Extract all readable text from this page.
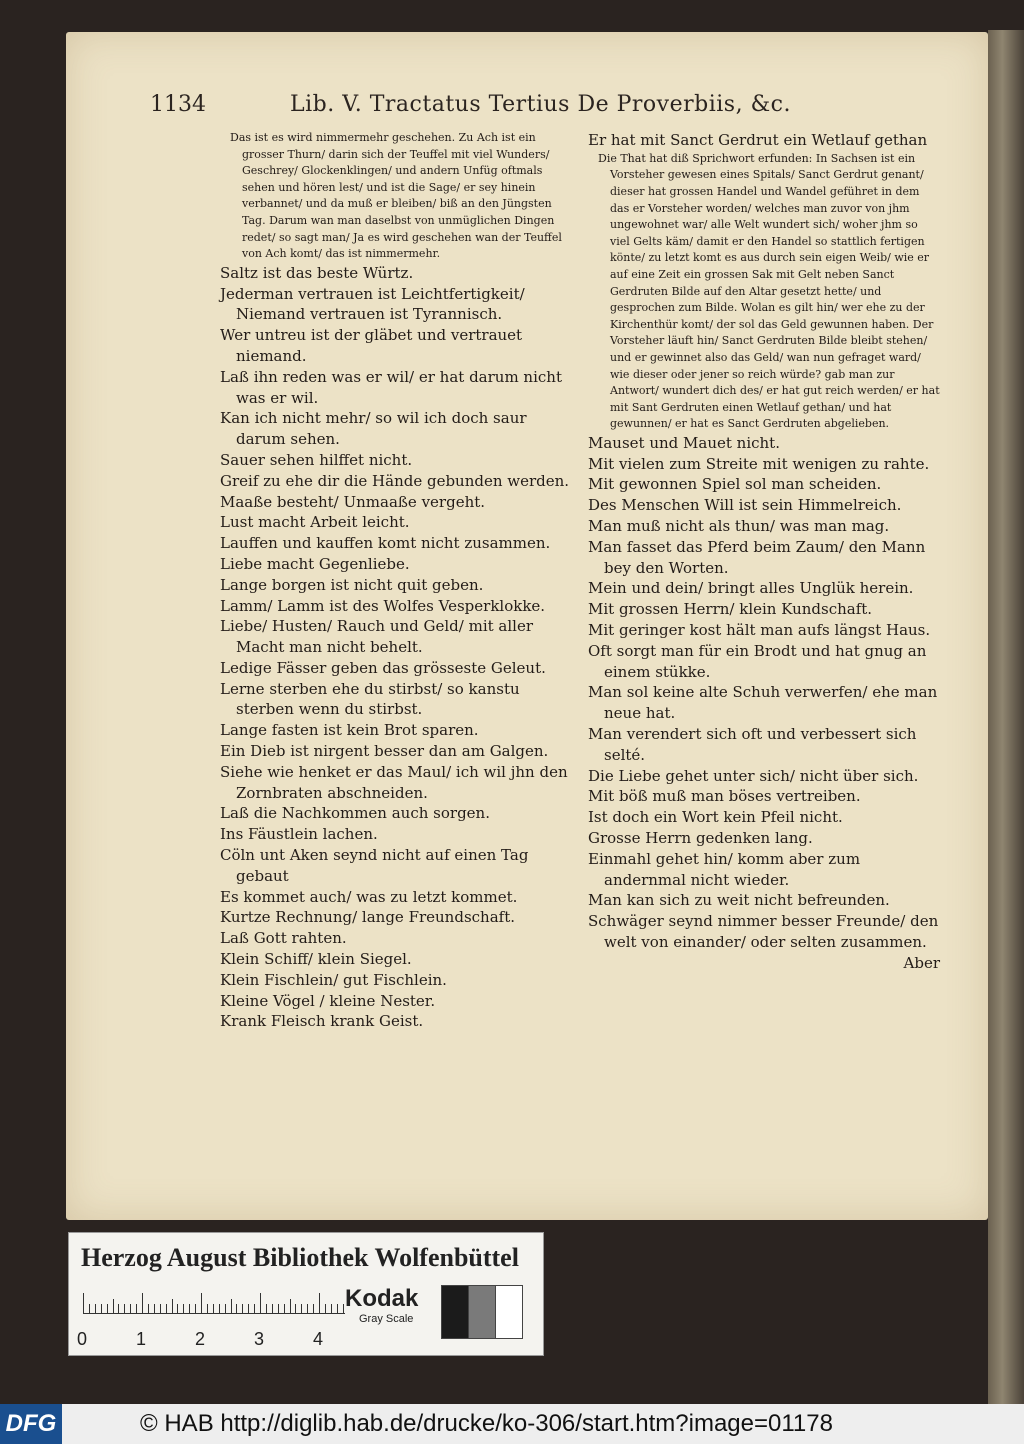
1134	Lib. V. Tractatus Tertius De Proverbiis, &c.

Das ist es wird nimmermehr geschehen. Zu Ach ist ein grosser Thurn/ darin sich der Teuffel mit viel Wunders/ Geschrey/ Glockenklingen/ und andern Unfüg oftmals sehen und hören lest/ und ist die Sage/ er sey hinein verbannet/ und da muß er bleiben/ biß an den Jüngsten Tag. Darum wan man daselbst von unmüglichen Dingen redet/ so sagt man/ Ja es wird geschehen wan der Teuffel von Ach komt/ das ist nimmermehr.

Saltz ist das beste Würtz.

Jederman vertrauen ist Leichtfertigkeit/ Niemand vertrauen ist Tyrannisch.

Wer untreu ist der gläbet und vertrauet niemand.

Laß ihn reden was er wil/ er hat darum nicht was er wil.

Kan ich nicht mehr/ so wil ich doch saur darum sehen.

Sauer sehen hilffet nicht.

Greif zu ehe dir die Hände gebunden werden.

Maaße besteht/ Unmaaße vergeht.

Lust macht Arbeit leicht.

Lauffen und kauffen komt nicht zusammen.

Liebe macht Gegenliebe.

Lange borgen ist nicht quit geben.

Lamm/ Lamm ist des Wolfes Vesperklokke.

Liebe/ Husten/ Rauch und Geld/ mit aller Macht man nicht behelt.

Ledige Fässer geben das grösseste Geleut.

Lerne sterben ehe du stirbst/ so kanstu sterben wenn du stirbst.

Lange fasten ist kein Brot sparen.

Ein Dieb ist nirgent besser dan am Galgen.

Siehe wie henket er das Maul/ ich wil jhn den Zornbraten abschneiden.

Laß die Nachkommen auch sorgen.

Ins Fäustlein lachen.

Cöln unt Aken seynd nicht auf einen Tag gebaut

Es kommet auch/ was zu letzt kommet.

Kurtze Rechnung/ lange Freundschaft.

Laß Gott rahten.

Klein Schiff/ klein Siegel.

Klein Fischlein/ gut Fischlein.

Kleine Vögel / kleine Nester.

Krank Fleisch krank Geist.

Er hat mit Sanct Gerdrut ein Wetlauf gethan

Die That hat diß Sprichwort erfunden: In Sachsen ist ein Vorsteher gewesen eines Spitals/ Sanct Gerdrut genant/ dieser hat grossen Handel und Wandel geführet in dem das er Vorsteher worden/ welches man zuvor von jhm ungewohnet war/ alle Welt wundert sich/ woher jhm so viel Gelts käm/ damit er den Handel so stattlich fertigen könte/ zu letzt komt es aus durch sein eigen Weib/ wie er auf eine Zeit ein grossen Sak mit Gelt neben Sanct Gerdruten Bilde auf den Altar gesetzt hette/ und gesprochen zum Bilde. Wolan es gilt hin/ wer ehe zu der Kirchenthür komt/ der sol das Geld gewunnen haben. Der Vorsteher läuft hin/ Sanct Gerdruten Bilde bleibt stehen/ und er gewinnet also das Geld/ wan nun gefraget ward/ wie dieser oder jener so reich würde? gab man zur Antwort/ wundert dich des/ er hat gut reich werden/ er hat mit Sant Gerdruten einen Wetlauf gethan/ und hat gewunnen/ er hat es Sanct Gerdruten abgelieben.

Mauset und Mauet nicht.

Mit vielen zum Streite mit wenigen zu rahte.

Mit gewonnen Spiel sol man scheiden.

Des Menschen Will ist sein Himmelreich.

Man muß nicht als thun/ was man mag.

Man fasset das Pferd beim Zaum/ den Mann bey den Worten.

Mein und dein/ bringt alles Unglük herein.

Mit grossen Herrn/ klein Kundschaft.

Mit geringer kost hält man aufs längst Haus.

Oft sorgt man für ein Brodt und hat gnug an einem stükke.

Man sol keine alte Schuh verwerfen/ ehe man neue hat.

Man verendert sich oft und verbessert sich selté.

Die Liebe gehet unter sich/ nicht über sich.

Mit böß muß man böses vertreiben.

Ist doch ein Wort kein Pfeil nicht.

Grosse Herrn gedenken lang.

Einmahl gehet hin/ komm aber zum andernmal nicht wieder.

Man kan sich zu weit nicht befreunden.

Schwäger seynd nimmer besser Freunde/ den welt von einander/ oder selten zusammen.

Aber

Herzog August Bibliothek Wolfenbüttel
0	1	2	3	4
Kodak
Gray Scale
DFG	© HAB http://diglib.hab.de/drucke/ko-306/start.htm?image=01178
